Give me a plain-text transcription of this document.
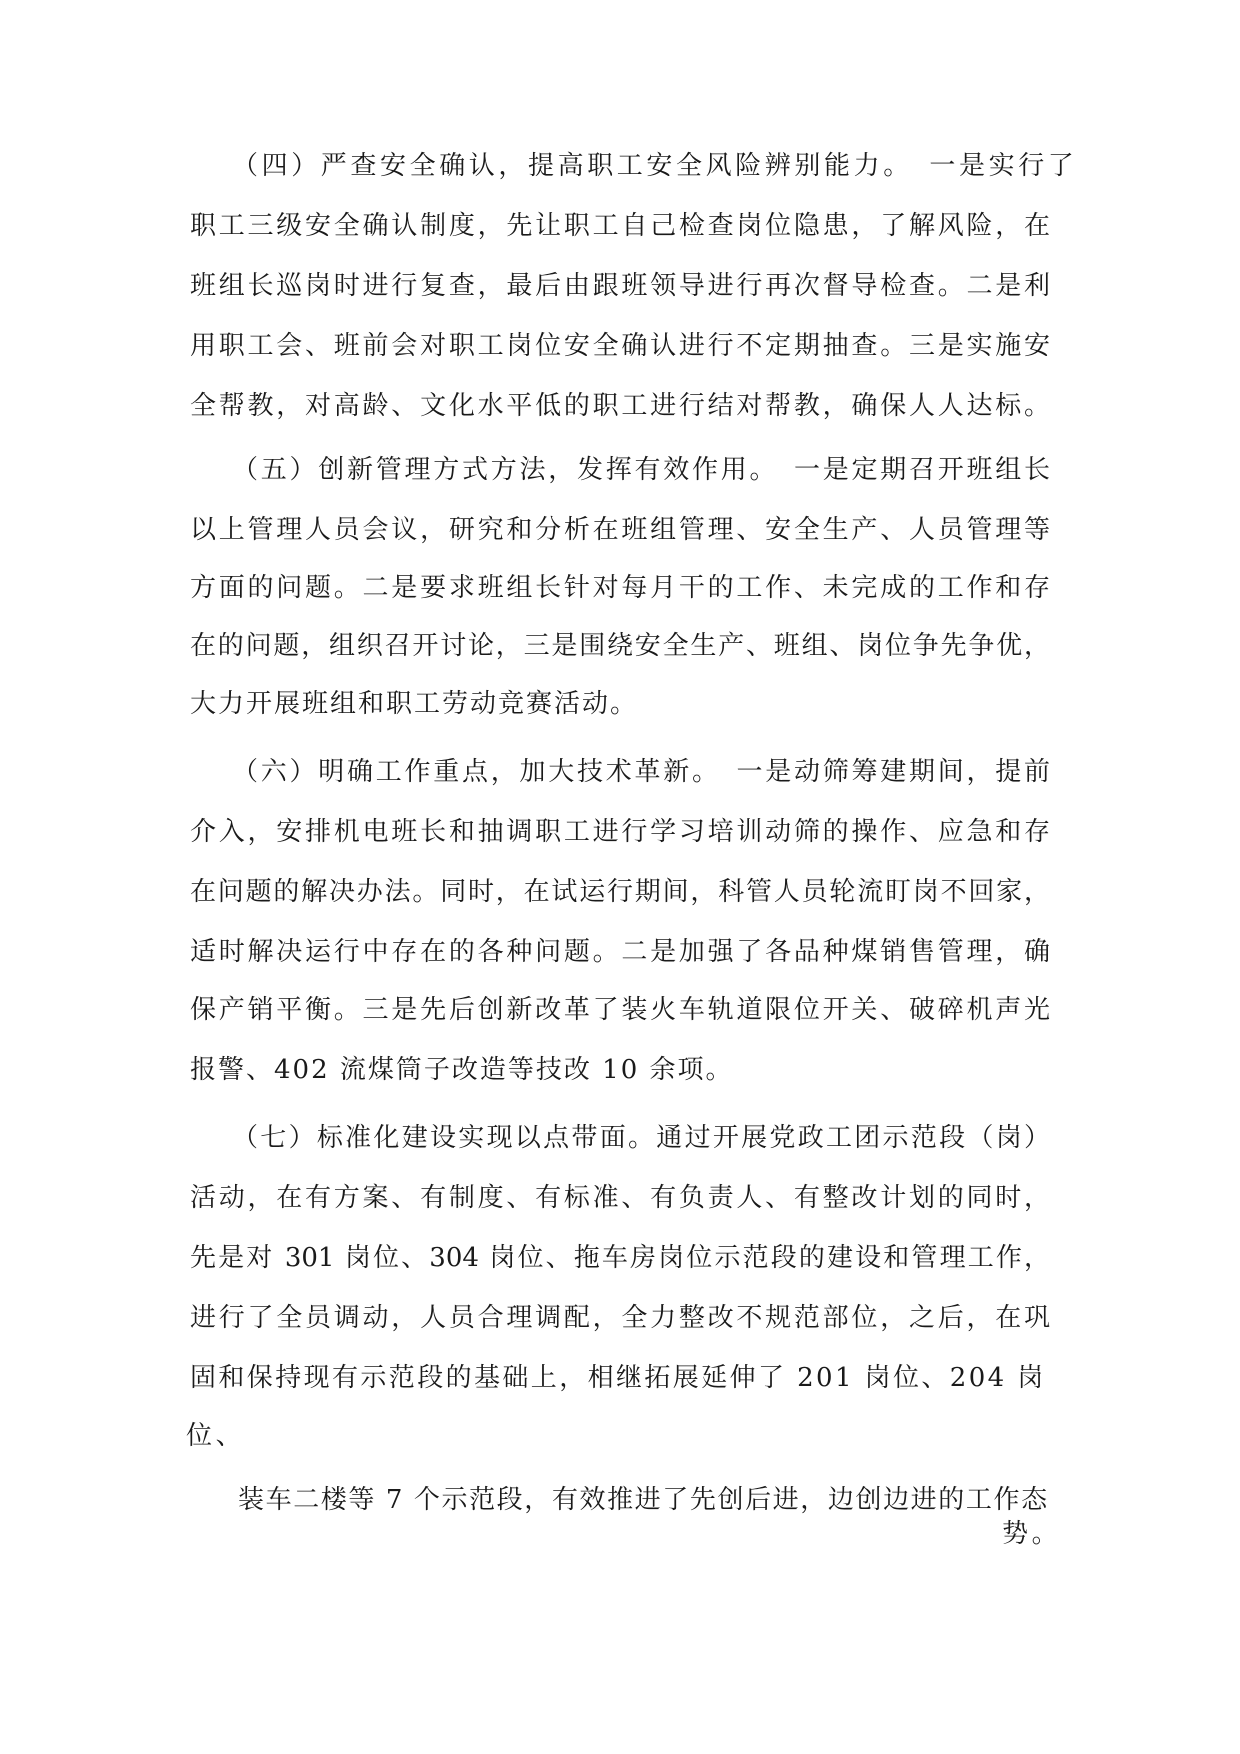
（四）严查安全确认，提高职工安全风险辨别能力。　一是实行了
职工三级安全确认制度，先让职工自己检查岗位隐患，了解风险，在
班组长巡岗时进行复查，最后由跟班领导进行再次督导检查。二是利
用职工会、班前会对职工岗位安全确认进行不定期抽查。三是实施安
全帮教，对高龄、文化水平低的职工进行结对帮教，确保人人达标。
（五）创新管理方式方法，发挥有效作用。　一是定期召开班组长
以上管理人员会议，研究和分析在班组管理、安全生产、人员管理等
方面的问题。二是要求班组长针对每月干的工作、未完成的工作和存
在的问题，组织召开讨论，三是围绕安全生产、班组、岗位争先争优，
大力开展班组和职工劳动竞赛活动。
（六）明确工作重点，加大技术革新。　一是动筛筹建期间，提前
介入，安排机电班长和抽调职工进行学习培训动筛的操作、应急和存
在问题的解决办法。同时，在试运行期间，科管人员轮流盯岗不回家，
适时解决运行中存在的各种问题。二是加强了各品种煤销售管理，确
保产销平衡。三是先后创新改革了装火车轨道限位开关、破碎机声光
报警、402 流煤筒子改造等技改 10 余项。
（七）标准化建设实现以点带面。通过开展党政工团示范段（岗）
活动，在有方案、有制度、有标准、有负责人、有整改计划的同时，
先是对 301 岗位、304 岗位、拖车房岗位示范段的建设和管理工作，
进行了全员调动，人员合理调配，全力整改不规范部位，之后，在巩
固和保持现有示范段的基础上，相继拓展延伸了 201 岗位、204 岗
位、
装车二楼等 7 个示范段，有效推进了先创后进，边创边进的工作态
势。
